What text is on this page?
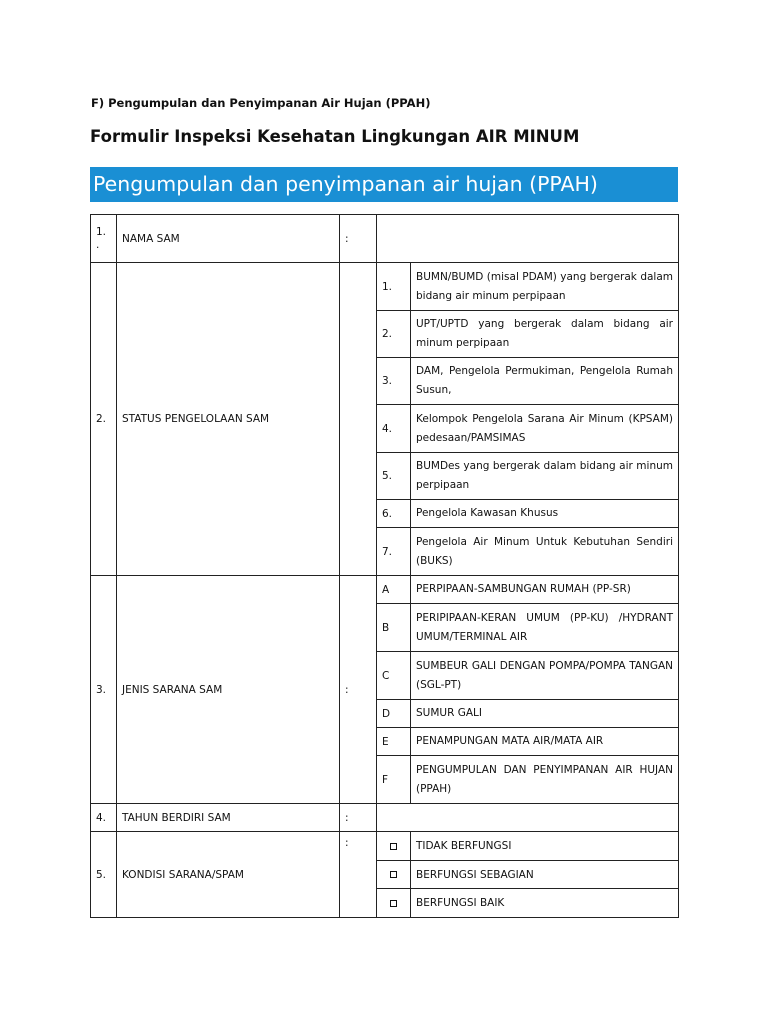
F) Pengumpulan dan Penyimpanan Air Hujan (PPAH)
Formulir Inspeksi Kesehatan Lingkungan AIR MINUM
Pengumpulan dan penyimpanan air hujan (PPAH)
1.
.	NAMA SAM	:		
2.	STATUS PENGELOLAAN SAM		1.	BUMN/BUMD (misal PDAM) yang bergerak dalam bidang air minum perpipaan
			2.	UPT/UPTD yang bergerak dalam bidang air minum perpipaan
			3.	DAM, Pengelola Permukiman, Pengelola Rumah Susun,
			4.	Kelompok Pengelola Sarana Air Minum (KPSAM) pedesaan/PAMSIMAS
			5.	BUMDes yang bergerak dalam bidang air minum perpipaan
			6.	Pengelola Kawasan Khusus
			7.	Pengelola Air Minum Untuk Kebutuhan Sendiri (BUKS)
3.	JENIS SARANA SAM	:	A	PERPIPAAN-SAMBUNGAN RUMAH (PP-SR)
			B	PERIPIPAAN-KERAN UMUM (PP-KU) /HYDRANT UMUM/TERMINAL AIR
			C	SUMBEUR GALI DENGAN POMPA/POMPA TANGAN (SGL-PT)
			D	SUMUR GALI
			E	PENAMPUNGAN MATA AIR/MATA AIR
			F	PENGUMPULAN DAN PENYIMPANAN AIR HUJAN (PPAH)
4.	TAHUN BERDIRI SAM	:		
5.	KONDISI SARANA/SPAM	:		TIDAK BERFUNGSI
				BERFUNGSI SEBAGIAN
				BERFUNGSI BAIK
